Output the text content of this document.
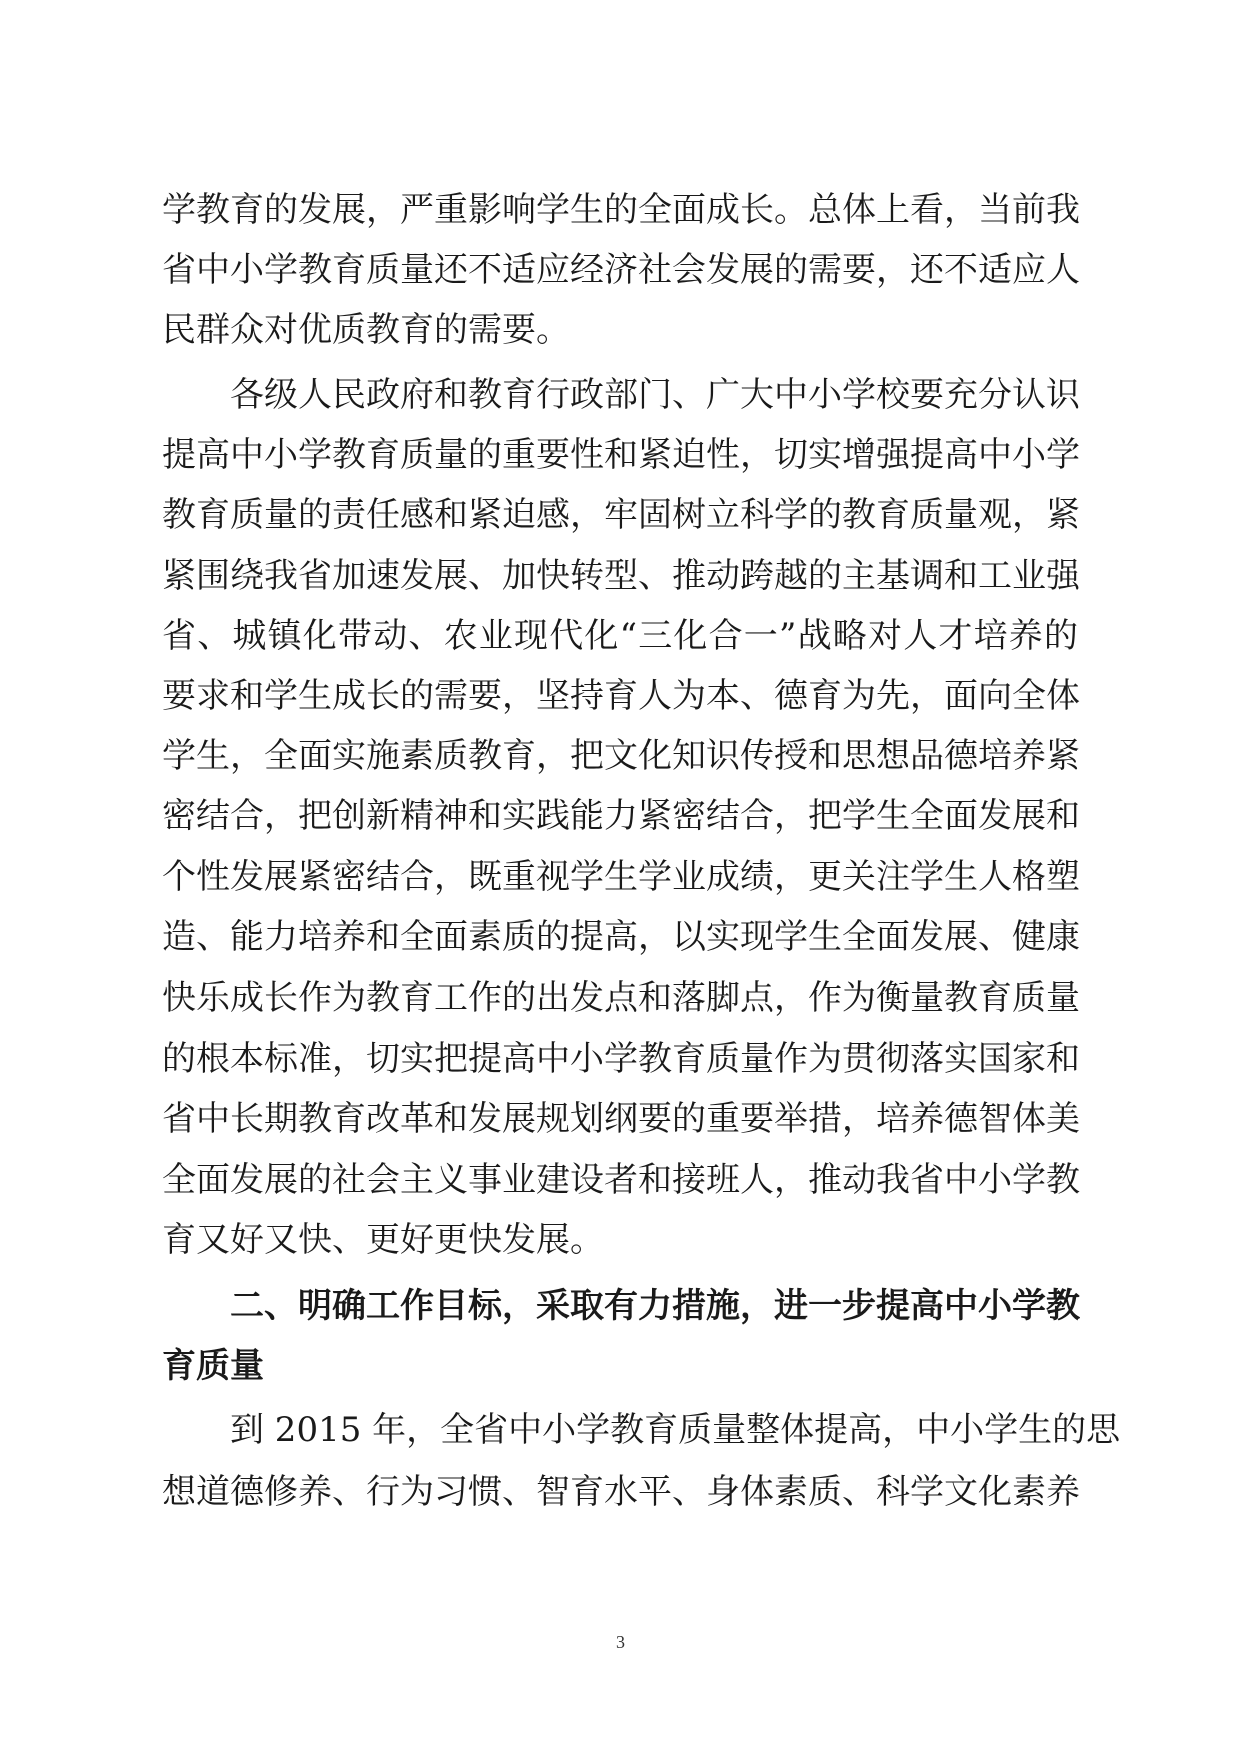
学教育的发展，严重影响学生的全面成长。总体上看，当前我
省中小学教育质量还不适应经济社会发展的需要，还不适应人
民群众对优质教育的需要。
各级人民政府和教育行政部门、广大中小学校要充分认识
提高中小学教育质量的重要性和紧迫性，切实增强提高中小学
教育质量的责任感和紧迫感，牢固树立科学的教育质量观，紧
紧围绕我省加速发展、加快转型、推动跨越的主基调和工业强
省、城镇化带动、农业现代化“三化合一”战略对人才培养的
要求和学生成长的需要，坚持育人为本、德育为先，面向全体
学生，全面实施素质教育，把文化知识传授和思想品德培养紧
密结合，把创新精神和实践能力紧密结合，把学生全面发展和
个性发展紧密结合，既重视学生学业成绩，更关注学生人格塑
造、能力培养和全面素质的提高，以实现学生全面发展、健康
快乐成长作为教育工作的出发点和落脚点，作为衡量教育质量
的根本标准，切实把提高中小学教育质量作为贯彻落实国家和
省中长期教育改革和发展规划纲要的重要举措，培养德智体美
全面发展的社会主义事业建设者和接班人，推动我省中小学教
育又好又快、更好更快发展。
二、明确工作目标，采取有力措施，进一步提高中小学教
育质量
到 2015 年，全省中小学教育质量整体提高，中小学生的思
想道德修养、行为习惯、智育水平、身体素质、科学文化素养
3
